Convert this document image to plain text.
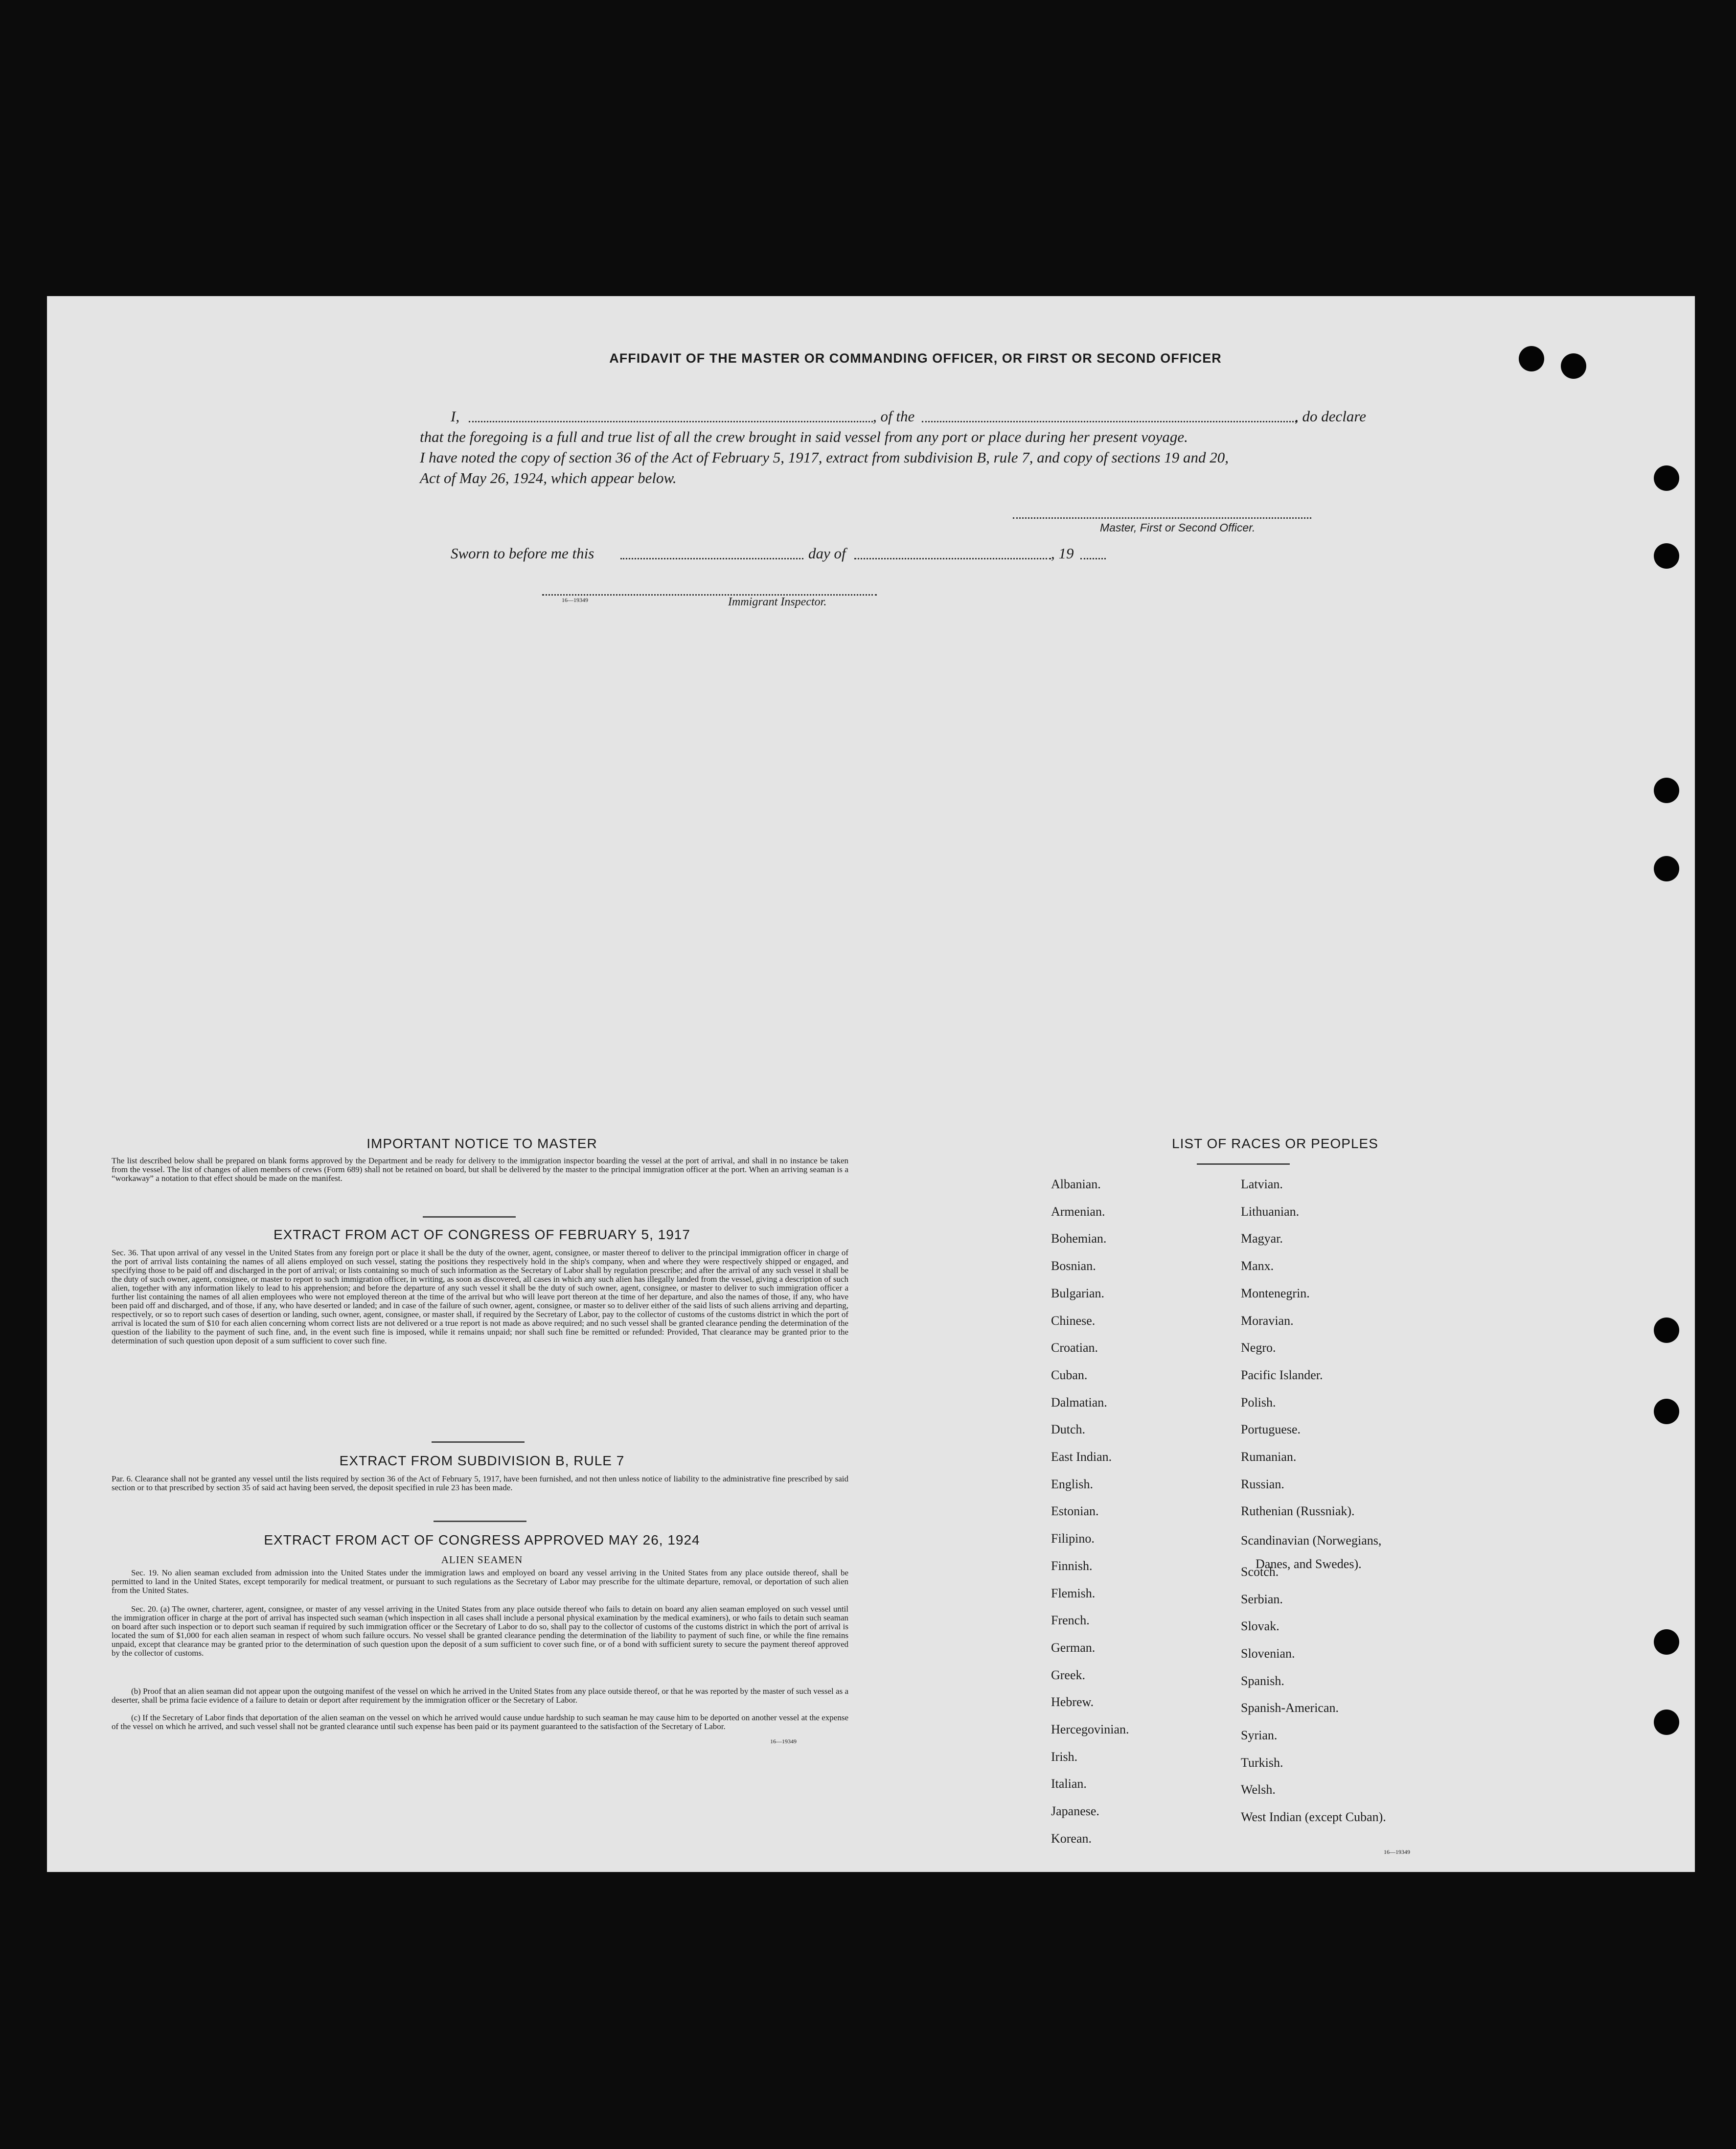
AFFIDAVIT OF THE MASTER OR COMMANDING OFFICER, OR FIRST OR SECOND OFFICER
I,	, of the	, do declare
that the foregoing is a full and true list of all the crew brought in said vessel from any port or place during her present voyage.
I have noted the copy of section 36 of the Act of February 5, 1917, extract from subdivision B, rule 7, and copy of sections 19 and 20,
Act of May 26, 1924, which appear below.
Master, First or Second Officer.
Sworn to before me this	day of	, 19
16—19349	Immigrant Inspector.
IMPORTANT NOTICE TO MASTER
The list described below shall be prepared on blank forms approved by the Department and be ready for delivery to the immigration inspector boarding the vessel at the port of arrival, and shall in no instance be taken from the vessel. The list of changes of alien members of crews (Form 689) shall not be retained on board, but shall be delivered by the master to the principal immigration officer at the port. When an arriving seaman is a “workaway” a notation to that effect should be made on the manifest.
EXTRACT FROM ACT OF CONGRESS OF FEBRUARY 5, 1917
Sec. 36. That upon arrival of any vessel in the United States from any foreign port or place it shall be the duty of the owner, agent, consignee, or master thereof to deliver to the principal immigration officer in charge of the port of arrival lists containing the names of all aliens employed on such vessel, stating the positions they respectively hold in the ship's company, when and where they were respectively shipped or engaged, and specifying those to be paid off and discharged in the port of arrival; or lists containing so much of such information as the Secretary of Labor shall by regulation prescribe; and after the arrival of any such vessel it shall be the duty of such owner, agent, consignee, or master to report to such immigration officer, in writing, as soon as discovered, all cases in which any such alien has illegally landed from the vessel, giving a description of such alien, together with any information likely to lead to his apprehension; and before the departure of any such vessel it shall be the duty of such owner, agent, consignee, or master to deliver to such immigration officer a further list containing the names of all alien employees who were not employed thereon at the time of the arrival but who will leave port thereon at the time of her departure, and also the names of those, if any, who have been paid off and discharged, and of those, if any, who have deserted or landed; and in case of the failure of such owner, agent, consignee, or master so to deliver either of the said lists of such aliens arriving and departing, respectively, or so to report such cases of desertion or landing, such owner, agent, consignee, or master shall, if required by the Secretary of Labor, pay to the collector of customs of the customs district in which the port of arrival is located the sum of $10 for each alien concerning whom correct lists are not delivered or a true report is not made as above required; and no such vessel shall be granted clearance pending the determination of the question of the liability to the payment of such fine, and, in the event such fine is imposed, while it remains unpaid; nor shall such fine be remitted or refunded: Provided, That clearance may be granted prior to the determination of such question upon deposit of a sum sufficient to cover such fine.
EXTRACT FROM SUBDIVISION B, RULE 7
Par. 6. Clearance shall not be granted any vessel until the lists required by section 36 of the Act of February 5, 1917, have been furnished, and not then unless notice of liability to the administrative fine prescribed by said section or to that prescribed by section 35 of said act having been served, the deposit specified in rule 23 has been made.
EXTRACT FROM ACT OF CONGRESS APPROVED MAY 26, 1924
ALIEN SEAMEN
Sec. 19. No alien seaman excluded from admission into the United States under the immigration laws and employed on board any vessel arriving in the United States from any place outside thereof, shall be permitted to land in the United States, except temporarily for medical treatment, or pursuant to such regulations as the Secretary of Labor may prescribe for the ultimate departure, removal, or deportation of such alien from the United States.
Sec. 20. (a) The owner, charterer, agent, consignee, or master of any vessel arriving in the United States from any place outside thereof who fails to detain on board any alien seaman employed on such vessel until the immigration officer in charge at the port of arrival has inspected such seaman (which inspection in all cases shall include a personal physical examination by the medical examiners), or who fails to detain such seaman on board after such inspection or to deport such seaman if required by such immigration officer or the Secretary of Labor to do so, shall pay to the collector of customs of the customs district in which the port of arrival is located the sum of $1,000 for each alien seaman in respect of whom such failure occurs. No vessel shall be granted clearance pending the determination of the liability to payment of such fine, or while the fine remains unpaid, except that clearance may be granted prior to the determination of such question upon the deposit of a sum sufficient to cover such fine, or of a bond with sufficient surety to secure the payment thereof approved by the collector of customs.
(b) Proof that an alien seaman did not appear upon the outgoing manifest of the vessel on which he arrived in the United States from any place outside thereof, or that he was reported by the master of such vessel as a deserter, shall be prima facie evidence of a failure to detain or deport after requirement by the immigration officer or the Secretary of Labor.
(c) If the Secretary of Labor finds that deportation of the alien seaman on the vessel on which he arrived would cause undue hardship to such seaman he may cause him to be deported on another vessel at the expense of the vessel on which he arrived, and such vessel shall not be granted clearance until such expense has been paid or its payment guaranteed to the satisfaction of the Secretary of Labor.
16—19349
LIST OF RACES OR PEOPLES
Danes, and Swedes).
16—19349
Albanian.
Armenian.
Bohemian.
Bosnian.
Bulgarian.
Chinese.
Croatian.
Cuban.
Dalmatian.
Dutch.
East Indian.
English.
Estonian.
Filipino.
Finnish.
Flemish.
French.
German.
Greek.
Hebrew.
Hercegovinian.
Irish.
Italian.
Japanese.
Korean.
Latvian.
Lithuanian.
Magyar.
Manx.
Montenegrin.
Moravian.
Negro.
Pacific Islander.
Polish.
Portuguese.
Rumanian.
Russian.
Ruthenian (Russniak).
Scandinavian (Norwegians,
Scotch.
Serbian.
Slovak.
Slovenian.
Spanish.
Spanish-American.
Syrian.
Turkish.
Welsh.
West Indian (except Cuban).
